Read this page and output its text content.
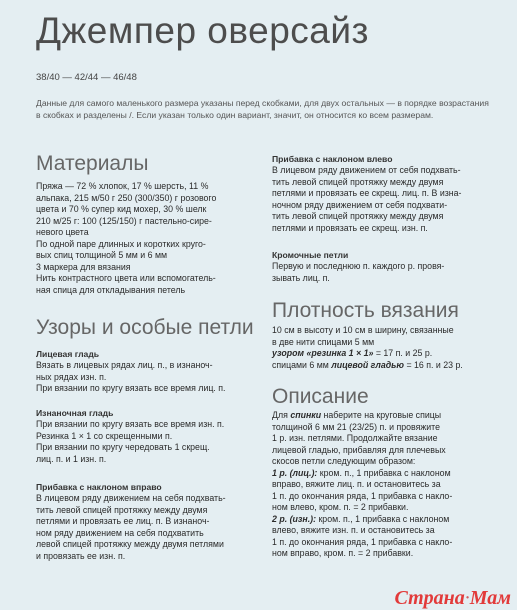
Джемпер оверсайз
38/40 — 42/44 — 46/48
Данные для самого маленького размера указаны перед скобками, для двух остальных — в порядке возрастания в скобках и разделены /. Если указан только один вариант, значит, он относится ко всем размерам.
Материалы

Пряжа — 72 % хлопок, 17 % шерсть, 11 %

альпака, 215 м/50 г 250 (300/350) г розового

цвета и 70 % супер кид мохер, 30 % шелк

210 м/25 г: 100 (125/150) г пастельно-сире-

невого цвета

По одной паре длинных и коротких круго-

вых спиц толщиной 5 мм и 6 мм

3 маркера для вязания

Нить контрастного цвета или вспомогатель-

ная спица для откладывания петель

Узоры и особые петли
Лицевая гладь

Вязать в лицевых рядах лиц. п., в изнаноч-

ных рядах изн. п.

При вязании по кругу вязать все время лиц. п.

Изнаночная гладь

При вязании по кругу вязать все время изн. п.

Резинка 1 × 1 со скрещенными п.

При вязании по кругу чередовать 1 скрещ.

лиц. п. и 1 изн. п.

Прибавка с наклоном вправо

В лицевом ряду движением на себя подхвать-

тить левой спицей протяжку между двумя

петлями и провязать ее лиц. п. В изнаноч-

ном ряду движением на себя подхватить

левой спицей протяжку между двумя петлями

и провязать ее изн. п.

Прибавка с наклоном влево

В лицевом ряду движением от себя подхвать-

тить левой спицей протяжку между двумя

петлями и провязать ее скрещ. лиц. п. В изна-

ночном ряду движением от себя подхвати-

тить левой спицей протяжку между двумя

петлями и провязать ее скрещ. изн. п.

Кромочные петли

Первую и последнюю п. каждого р. провя-

зывать лиц. п.

Плотность вязания

10 см в высоту и 10 см в ширину, связанные

в две нити спицами 5 мм

узором «резинка 1 × 1» = 17 п. и 25 р.

спицами 6 мм лицевой гладью = 16 п. и 23 р.

Описание

Для спинки наберите на круговые спицы

толщиной 6 мм 21 (23/25) п. и провяжите

1 р. изн. петлями. Продолжайте вязание

лицевой гладью, прибавляя для плечевых

скосов петли следующим образом:

1 р. (лиц.): кром. п., 1 прибавка с наклоном

вправо, вяжите лиц. п. и остановитесь за

1 п. до окончания ряда, 1 прибавка с накло-

ном влево, кром. п. = 2 прибавки.

2 р. (изн.): кром. п., 1 прибавка с наклоном

влево, вяжите изн. п. и остановитесь за

1 п. до окончания ряда, 1 прибавка с накло-

ном вправо, кром. п. = 2 прибавки.

Страна·Мам
